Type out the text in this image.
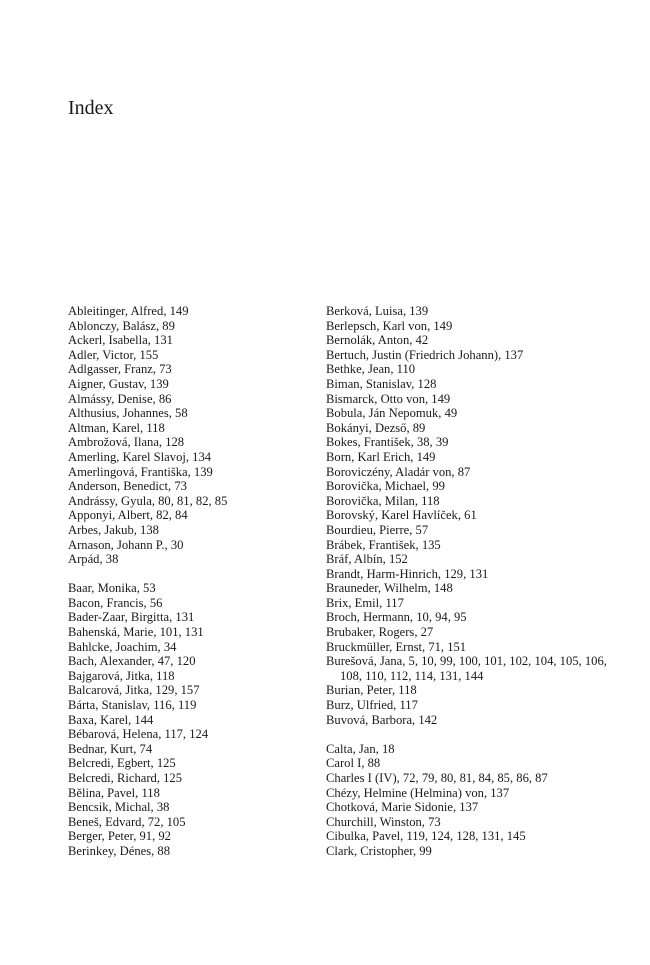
Index
Ableitinger, Alfred, 149
Ablonczy, Balász, 89
Ackerl, Isabella, 131
Adler, Victor, 155
Adlgasser, Franz, 73
Aigner, Gustav, 139
Almássy, Denise, 86
Althusius, Johannes, 58
Altman, Karel, 118
Ambrožová, Ilana, 128
Amerling, Karel Slavoj, 134
Amerlingová, Františka, 139
Anderson, Benedict, 73
Andrássy, Gyula, 80, 81, 82, 85
Apponyi, Albert, 82, 84
Arbes, Jakub, 138
Arnason, Johann P., 30
Arpád, 38
Baar, Monika, 53
Bacon, Francis, 56
Bader-Zaar, Birgitta, 131
Bahenská, Marie, 101, 131
Bahlcke, Joachim, 34
Bach, Alexander, 47, 120
Bajgarová, Jitka, 118
Balcarová, Jitka, 129, 157
Bárta, Stanislav, 116, 119
Baxa, Karel, 144
Bébarová, Helena, 117, 124
Bednar, Kurt, 74
Belcredi, Egbert, 125
Belcredi, Richard, 125
Bělina, Pavel, 118
Bencsik, Michal, 38
Beneš, Edvard, 72, 105
Berger, Peter, 91, 92
Berinkey, Dénes, 88
Berková, Luisa, 139
Berlepsch, Karl von, 149
Bernolák, Anton, 42
Bertuch, Justin (Friedrich Johann), 137
Bethke, Jean, 110
Biman, Stanislav, 128
Bismarck, Otto von, 149
Bobula, Ján Nepomuk, 49
Bokányi, Dezső, 89
Bokes, František, 38, 39
Born, Karl Erich, 149
Boroviczény, Aladár von, 87
Borovička, Michael, 99
Borovička, Milan, 118
Borovský, Karel Havlíček, 61
Bourdieu, Pierre, 57
Brábek, František, 135
Bráf, Albín, 152
Brandt, Harm-Hinrich, 129, 131
Brauneder, Wilhelm, 148
Brix, Emil, 117
Broch, Hermann, 10, 94, 95
Brubaker, Rogers, 27
Bruckmüller, Ernst, 71, 151
Burešová, Jana, 5, 10, 99, 100, 101, 102, 104, 105, 106, 108, 110, 112, 114, 131, 144
Burian, Peter, 118
Burz, Ulfried, 117
Buvová, Barbora, 142
Calta, Jan, 18
Carol I, 88
Charles I (IV), 72, 79, 80, 81, 84, 85, 86, 87
Chézy, Helmine (Helmina) von, 137
Chotková, Marie Sidonie, 137
Churchill, Winston, 73
Cibulka, Pavel, 119, 124, 128, 131, 145
Clark, Cristopher, 99
